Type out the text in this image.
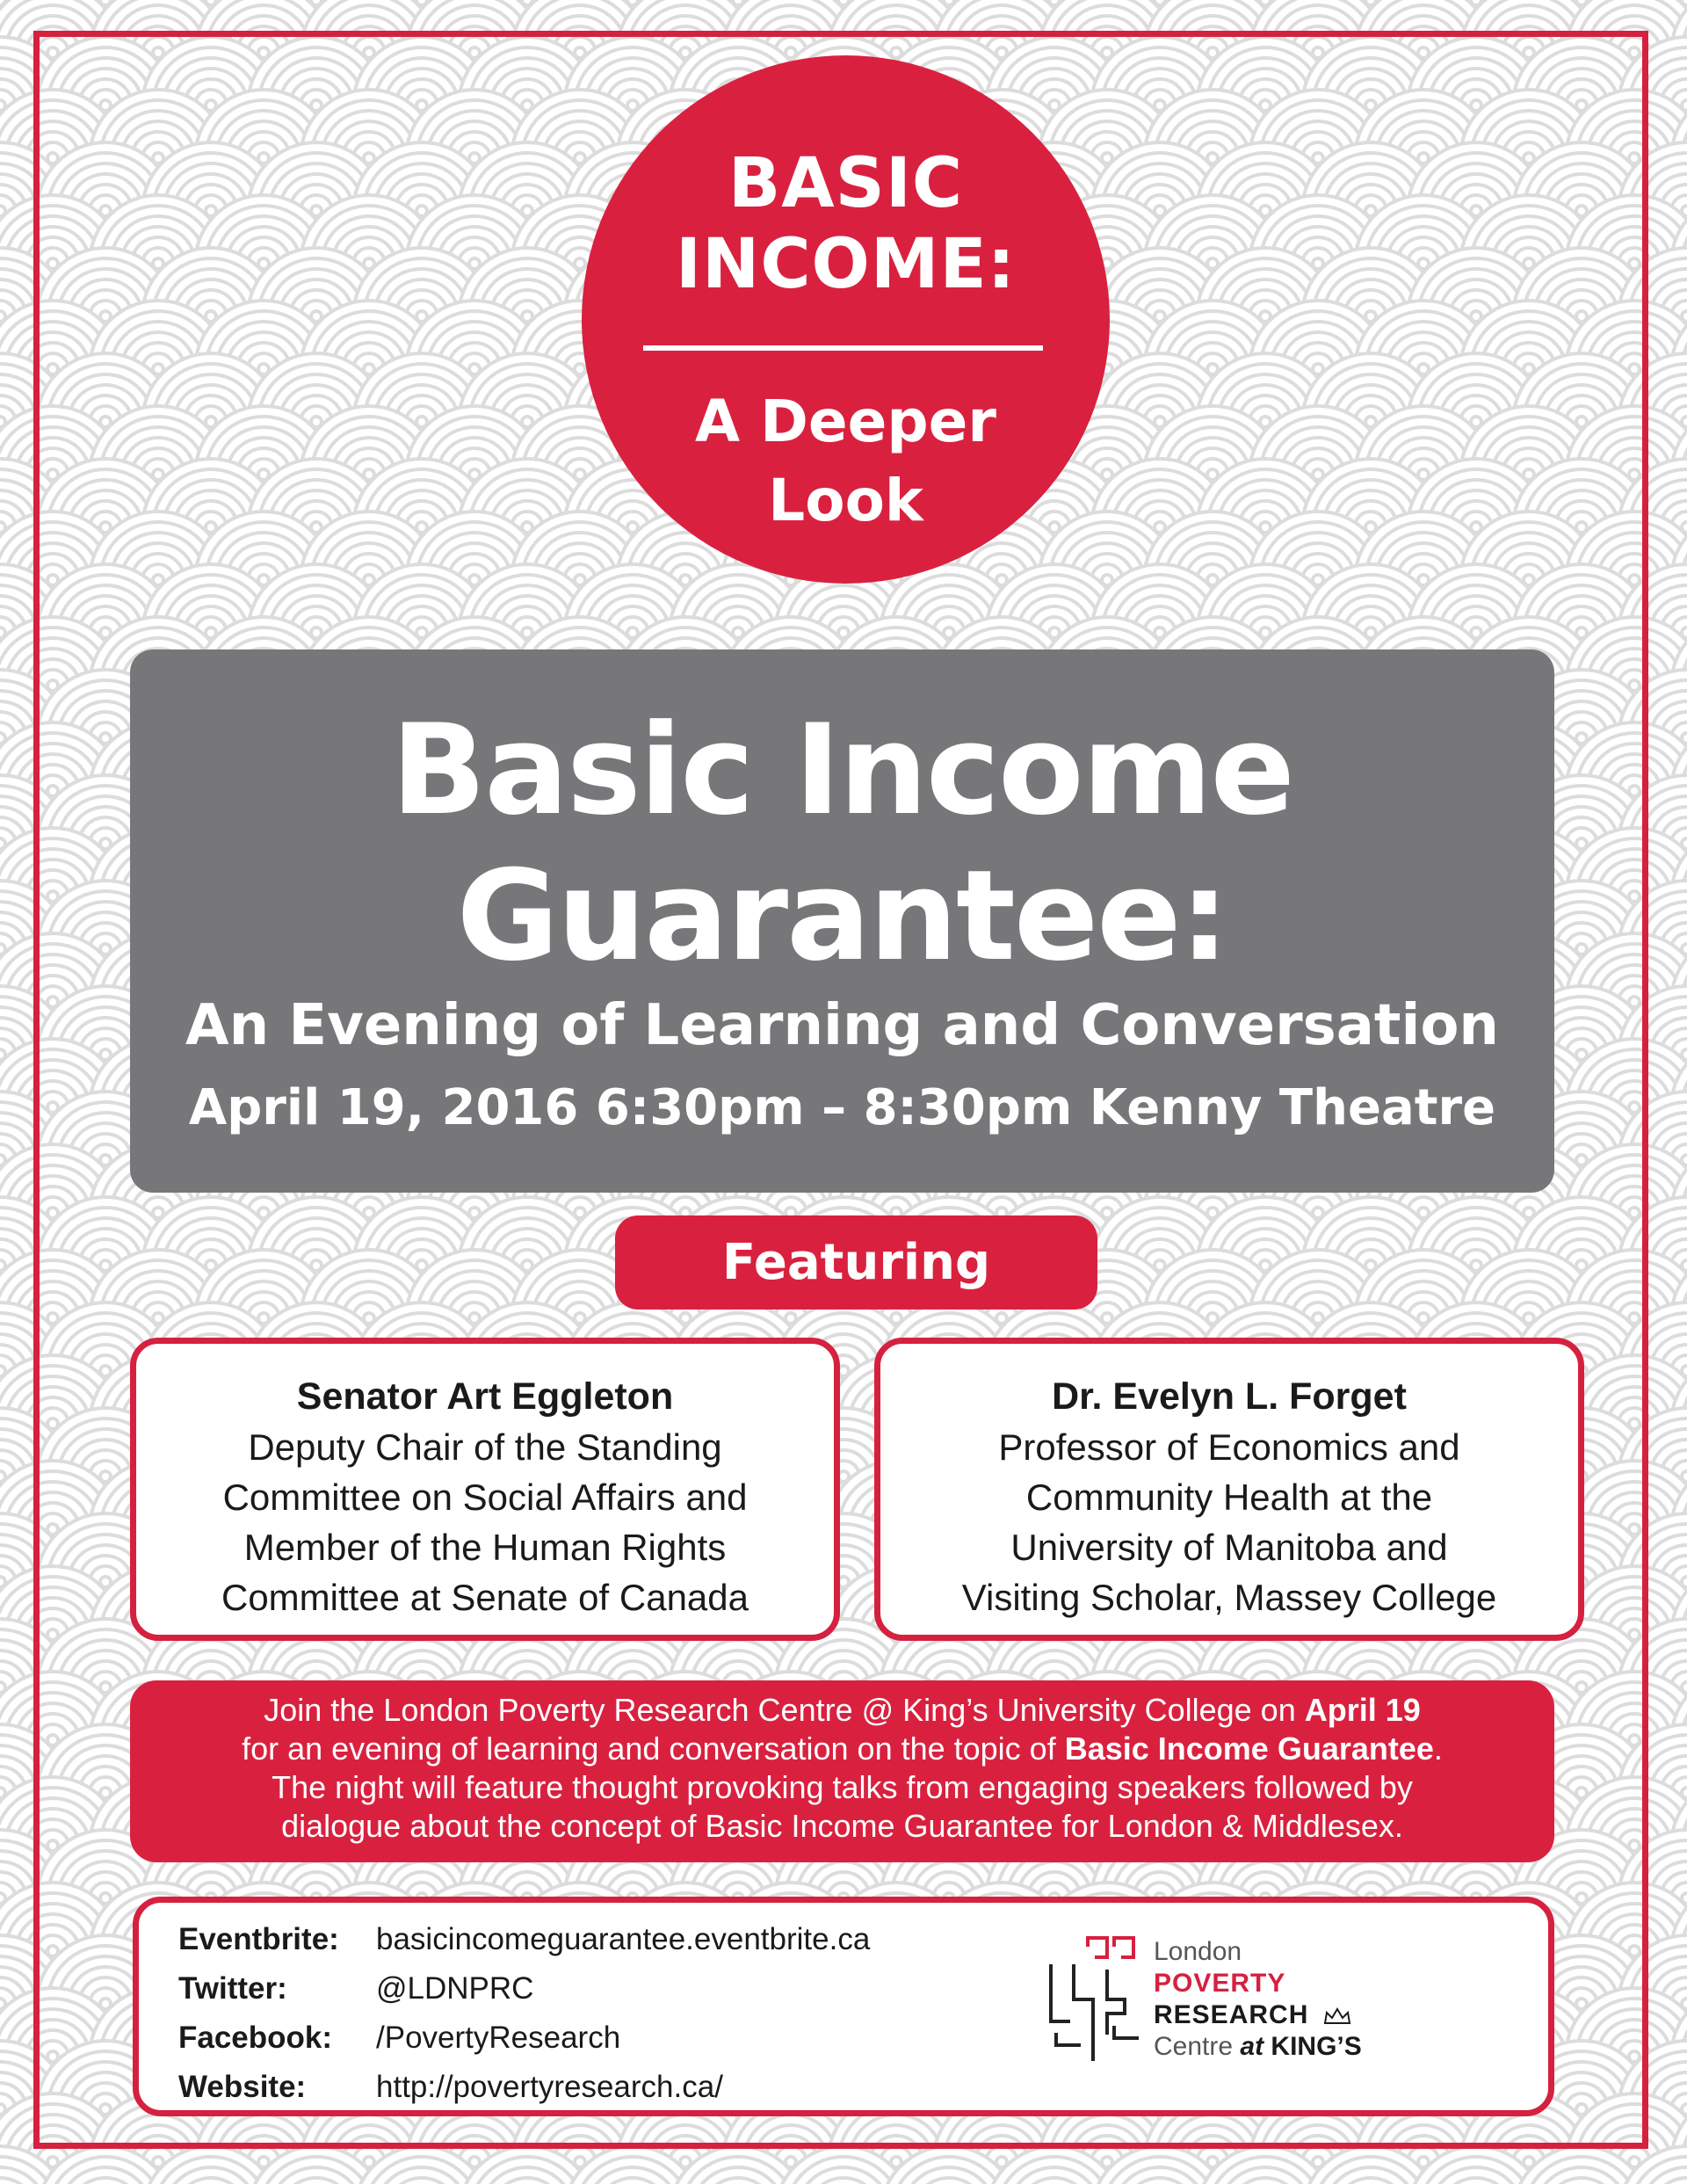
BASIC
INCOME:
A Deeper
Look
Basic Income
Guarantee:
An Evening of Learning and Conversation
April 19, 2016 6:30pm – 8:30pm Kenny Theatre
Featuring
Senator Art Eggleton
Deputy Chair of the Standing
Committee on Social Affairs and
Member of the Human Rights
Committee at Senate of Canada
Dr. Evelyn L. Forget
Professor of Economics and
Community Health at the
University of Manitoba and
Visiting Scholar, Massey College
Join the London Poverty Research Centre @ King’s University College on April 19
for an evening of learning and conversation on the topic of Basic Income Guarantee.
The night will feature thought provoking talks from engaging speakers followed by
dialogue about the concept of Basic Income Guarantee for London & Middlesex.
Eventbrite: basicincomeguarantee.eventbrite.ca
Twitter:	@LDNPRC
Facebook: /PovertyResearch
Website: http://povertyresearch.ca/
London
POVERTY
RESEARCH
Centre at KING’S
